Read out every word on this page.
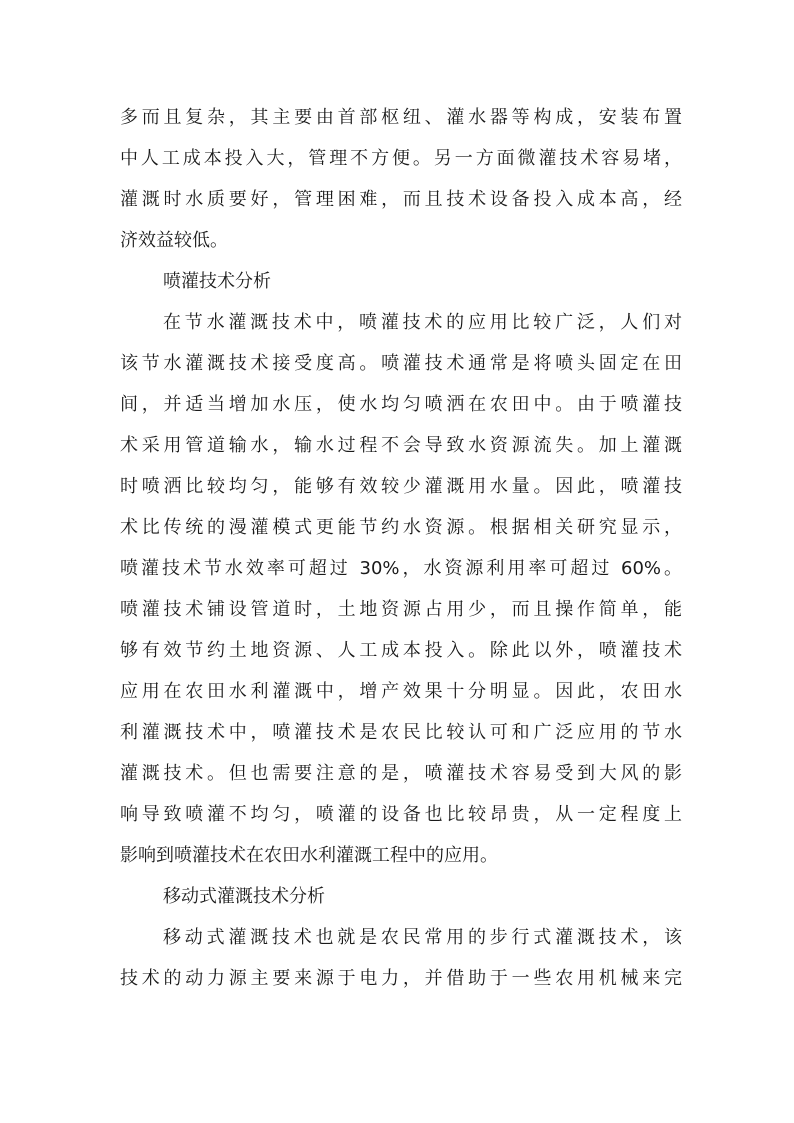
多而且复杂，其主要由首部枢纽、灌水器等构成，安装布置
中人工成本投入大，管理不方便。另一方面微灌技术容易堵，
灌溉时水质要好，管理困难，而且技术设备投入成本高，经
济效益较低。
喷灌技术分析
在节水灌溉技术中，喷灌技术的应用比较广泛，人们对
该节水灌溉技术接受度高。喷灌技术通常是将喷头固定在田
间，并适当增加水压，使水均匀喷洒在农田中。由于喷灌技
术采用管道输水，输水过程不会导致水资源流失。加上灌溉
时喷洒比较均匀，能够有效较少灌溉用水量。因此，喷灌技
术比传统的漫灌模式更能节约水资源。根据相关研究显示，
喷灌技术节水效率可超过 30%，水资源利用率可超过 60%。
喷灌技术铺设管道时，土地资源占用少，而且操作简单，能
够有效节约土地资源、人工成本投入。除此以外，喷灌技术
应用在农田水利灌溉中，增产效果十分明显。因此，农田水
利灌溉技术中，喷灌技术是农民比较认可和广泛应用的节水
灌溉技术。但也需要注意的是，喷灌技术容易受到大风的影
响导致喷灌不均匀，喷灌的设备也比较昂贵，从一定程度上
影响到喷灌技术在农田水利灌溉工程中的应用。
移动式灌溉技术分析
移动式灌溉技术也就是农民常用的步行式灌溉技术，该
技术的动力源主要来源于电力，并借助于一些农用机械来完
